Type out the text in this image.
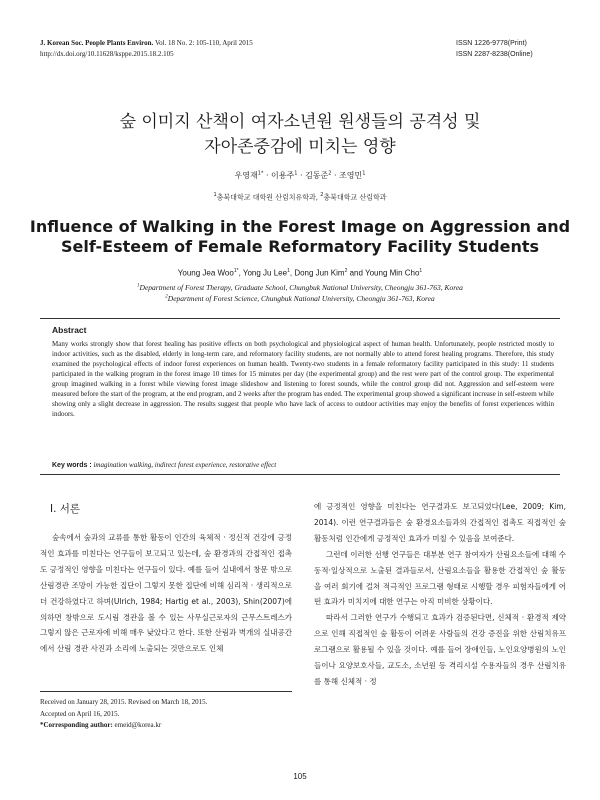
J. Korean Soc. People Plants Environ. Vol. 18 No. 2: 105-110, April 2015
http://dx.doi.org/10.11628/ksppe.2015.18.2.105
ISSN 1226-9778(Print)
ISSN 2287-8238(Online)
숲 이미지 산책이 여자소년원 원생들의 공격성 및
자아존중감에 미치는 영향
우영재$^{1*}$ · 이용주$^1$ · 김동준$^2$ · 조영민$^1$
$^1$충북대학교 대학원 산림치유학과, $^2$충북대학교 산림학과
Influence of Walking in the Forest Image on Aggression and
Self-Esteem of Female Reformatory Facility Students
Young Jea Woo$^{1*}$, Yong Ju Lee$^1$, Dong Jun Kim$^2$ and Young Min Cho$^1$
$^1$Department of Forest Therapy, Graduate School, Chungbuk National University, Cheongju 361-763, Korea
$^2$Department of Forest Science, Chungbuk National University, Cheongju 361-763, Korea
Abstract
Many works strongly show that forest healing has positive effects on both psychological and physiological aspect of human health. Unfortunately, people restricted mostly to indoor activities, such as the disabled, elderly in long-term care, and reformatory facility students, are not normally able to attend forest healing programs. Therefore, this study examined the psychological effects of indoor forest experiences on human health. Twenty-two students in a female reformatory facility participated in this study: 11 students participated in the walking program in the forest image 10 times for 15 minutes per day (the experimental group) and the rest were part of the control group. The experimental group imagined walking in a forest while viewing forest image slideshow and listening to forest sounds, while the control group did not. Aggression and self-esteem were measured before the start of the program, at the end program, and 2 weeks after the program has ended. The experimental group showed a significant increase in self-esteem while showing only a slight decrease in aggression. The results suggest that people who have lack of access to outdoor activities may enjoy the benefits of forest experiences within indoors.
Key words : imagination walking, indirect forest experience, restorative effect
Ⅰ. 서론

숲속에서 숲과의 교류를 통한 활동이 인간의 육체적 · 정신적 건강에 긍정적인 효과를 미친다는 연구들이 보고되고 있는데, 숲 환경과의 간접적인 접촉도 긍정적인 영향을 미친다는 연구들이 있다. 예를 들어 실내에서 창문 밖으로 산림경관 조망이 가능한 집단이 그렇지 못한 집단에 비해 심리적 · 생리적으로 더 건강하였다고 하며(Ulrich, 1984; Hartig et al., 2003), Shin(2007)에 의하면 창밖으로 도시림 경관을 볼 수 있는 사무실근로자의 근무스트레스가 그렇지 않은 근로자에 비해 매우 낮았다고 한다. 또한 산림과 벽개의 실내공간에서 산림 경관 사진과 소리에 노출되는 것만으로도 인체

에 긍정적인 영향을 미친다는 연구결과도 보고되었다(Lee, 2009; Kim, 2014). 이런 연구결과들은 숲 환경요소들과의 간접적인 접촉도 직접적인 숲 활동처럼 인간에게 긍정적인 효과가 미칠 수 있음을 보여준다.

그런데 이러한 선행 연구들은 대부분 연구 참여자가 산림요소들에 대해 수동적·일상적으로 노출된 결과들로서, 산림요소들을 활용한 간접적인 숲 활동을 여러 회기에 걸쳐 적극적인 프로그램 형태로 시행할 경우 피험자들에게 어떤 효과가 미치지에 대한 연구는 아직 미비한 상황이다.

따라서 그러한 연구가 수행되고 효과가 검증된다면, 신체적 · 환경적 제약으로 인해 직접적인 숲 활동이 어려운 사람들의 건강 증진을 위한 산림치유프로그램으로 활용될 수 있을 것이다. 예를 들어 장애인들, 노인요양병원의 노인들이나 요양보호사들, 교도소, 소년원 등 격리시설 수용자들의 경우 산림치유를 통해 신체적 · 정

Received on January 28, 2015. Revised on March 18, 2015.
Accepted on April 16, 2015.
*Corresponding author: emeid@korea.kr
105
